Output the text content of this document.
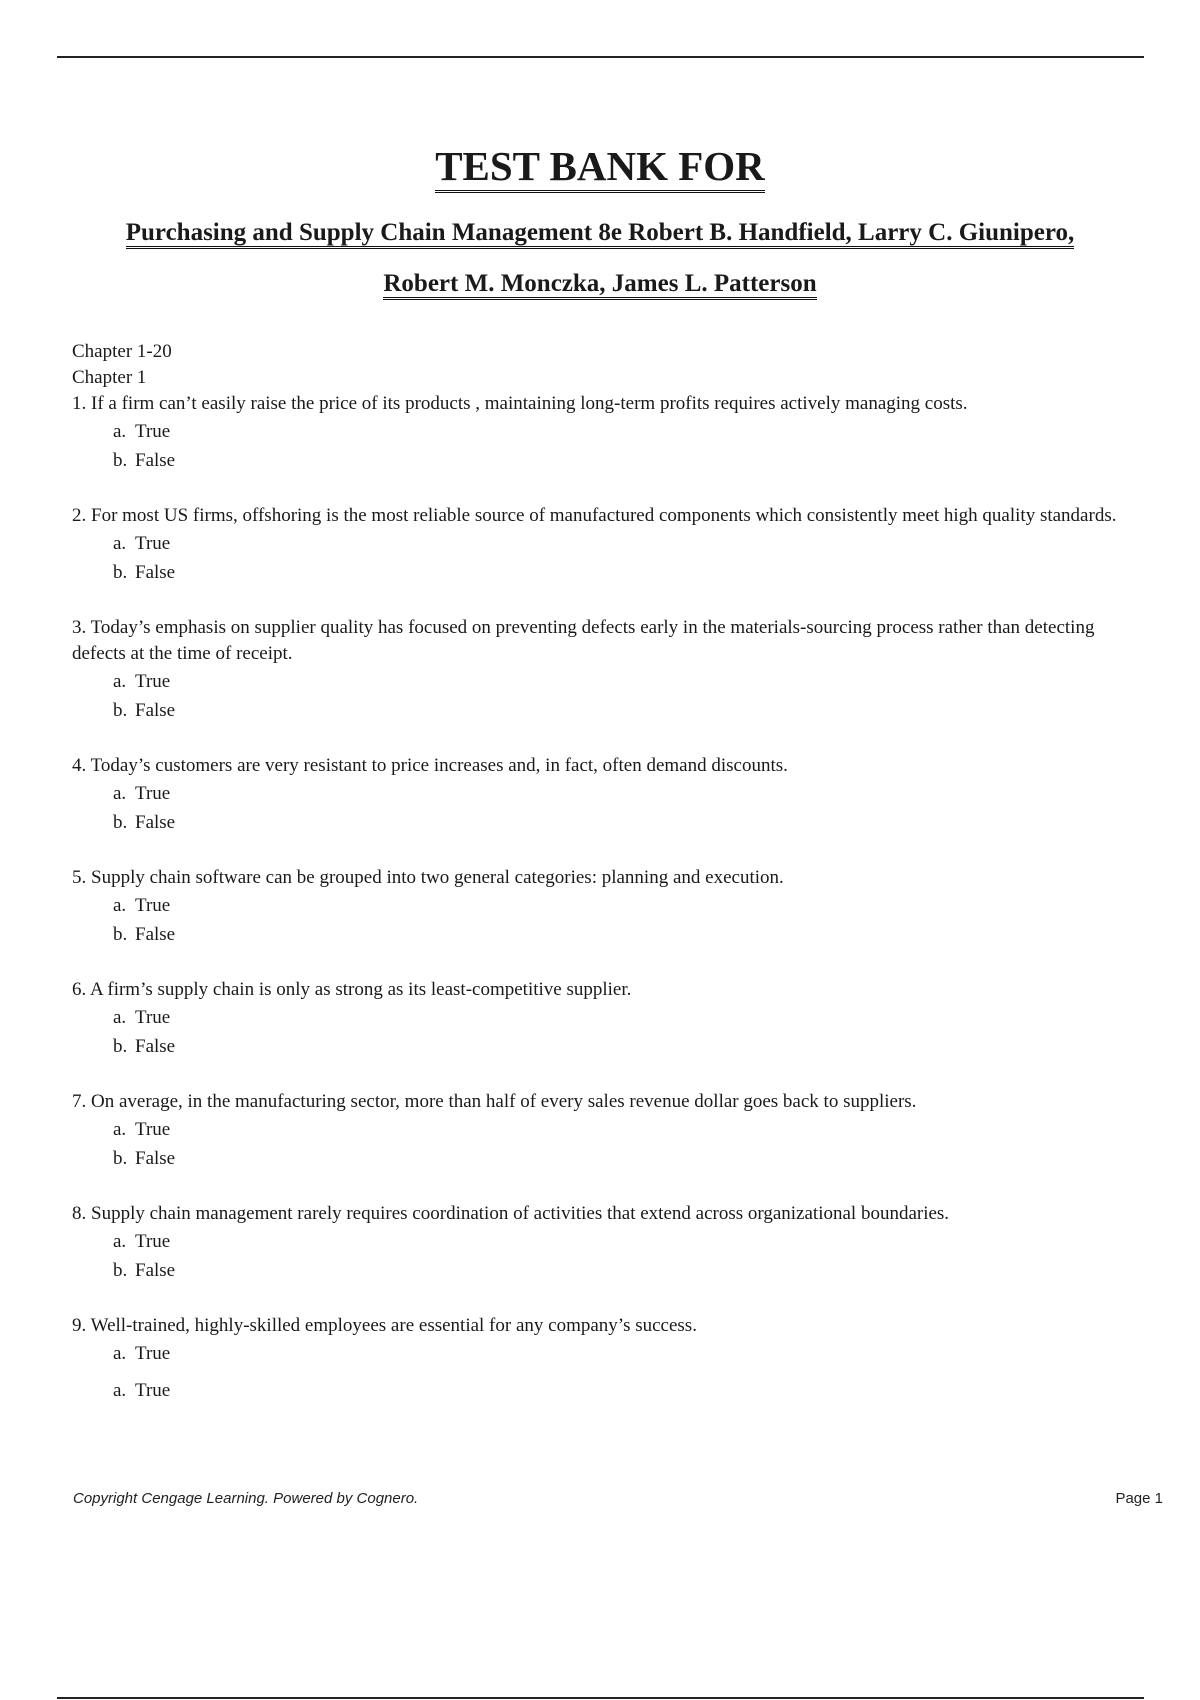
TEST BANK FOR
Purchasing and Supply Chain Management 8e Robert B. Handfield, Larry C. Giunipero,
Robert M. Monczka, James L. Patterson

Chapter 1-20

Chapter 1

1. If a firm can’t easily raise the price of its products , maintaining long-term profits requires actively managing costs.

a. True

b. False

2. For most US firms, offshoring is the most reliable source of manufactured components which consistently meet high quality standards.

a. True

b. False

3. Today’s emphasis on supplier quality has focused on preventing defects early in the materials-sourcing process rather than detecting defects at the time of receipt.

a. True

b. False

4. Today’s customers are very resistant to price increases and, in fact, often demand discounts.

a. True

b. False

5. Supply chain software can be grouped into two general categories: planning and execution.

a. True

b. False

6. A firm’s supply chain is only as strong as its least-competitive supplier.

a. True

b. False

7. On average, in the manufacturing sector, more than half of every sales revenue dollar goes back to suppliers.

a. True

b. False

8. Supply chain management rarely requires coordination of activities that extend across organizational boundaries.

a. True

b. False

9. Well-trained, highly-skilled employees are essential for any company’s success.

a. True

a. True

Copyright Cengage Learning. Powered by Cognero.	Page 1
